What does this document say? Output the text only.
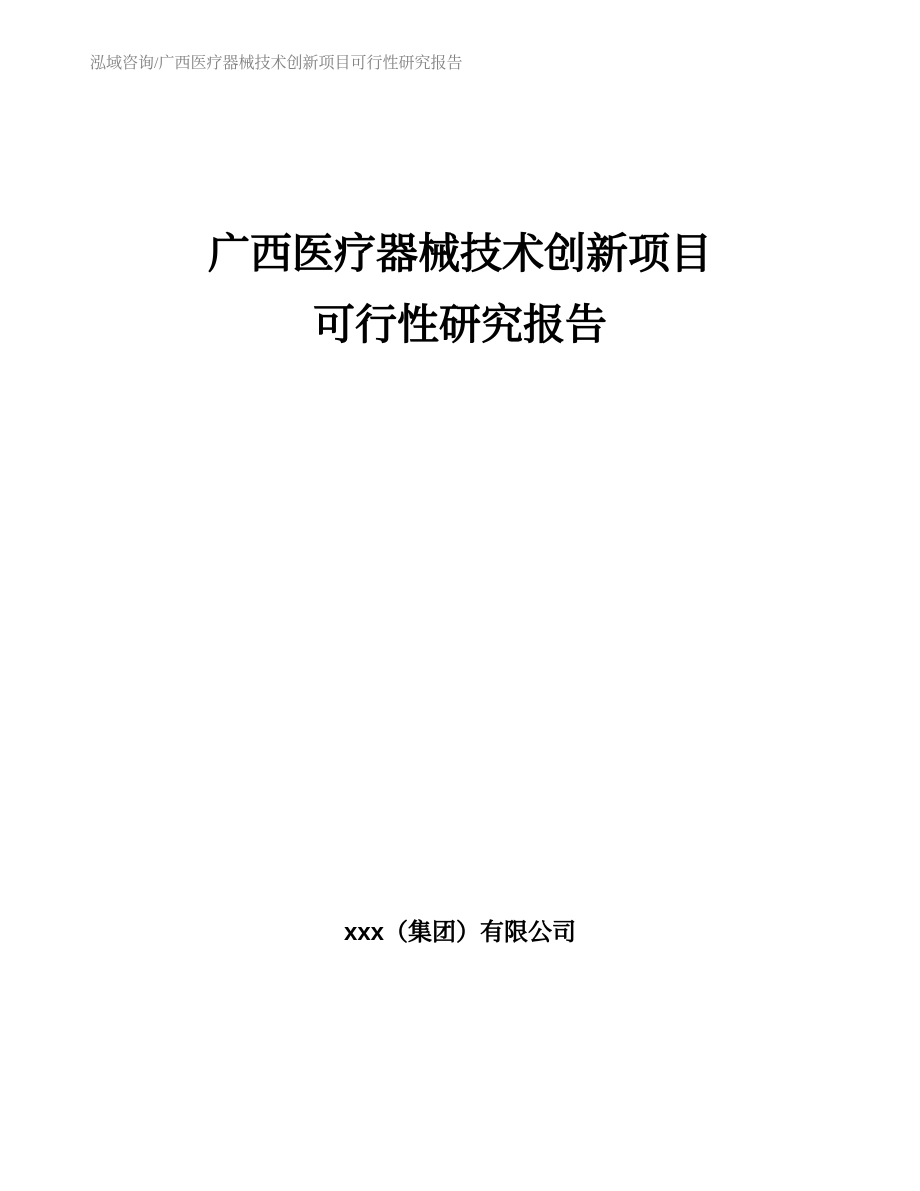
泓域咨询/广西医疗器械技术创新项目可行性研究报告
广西医疗器械技术创新项目
可行性研究报告
xxx（集团）有限公司
